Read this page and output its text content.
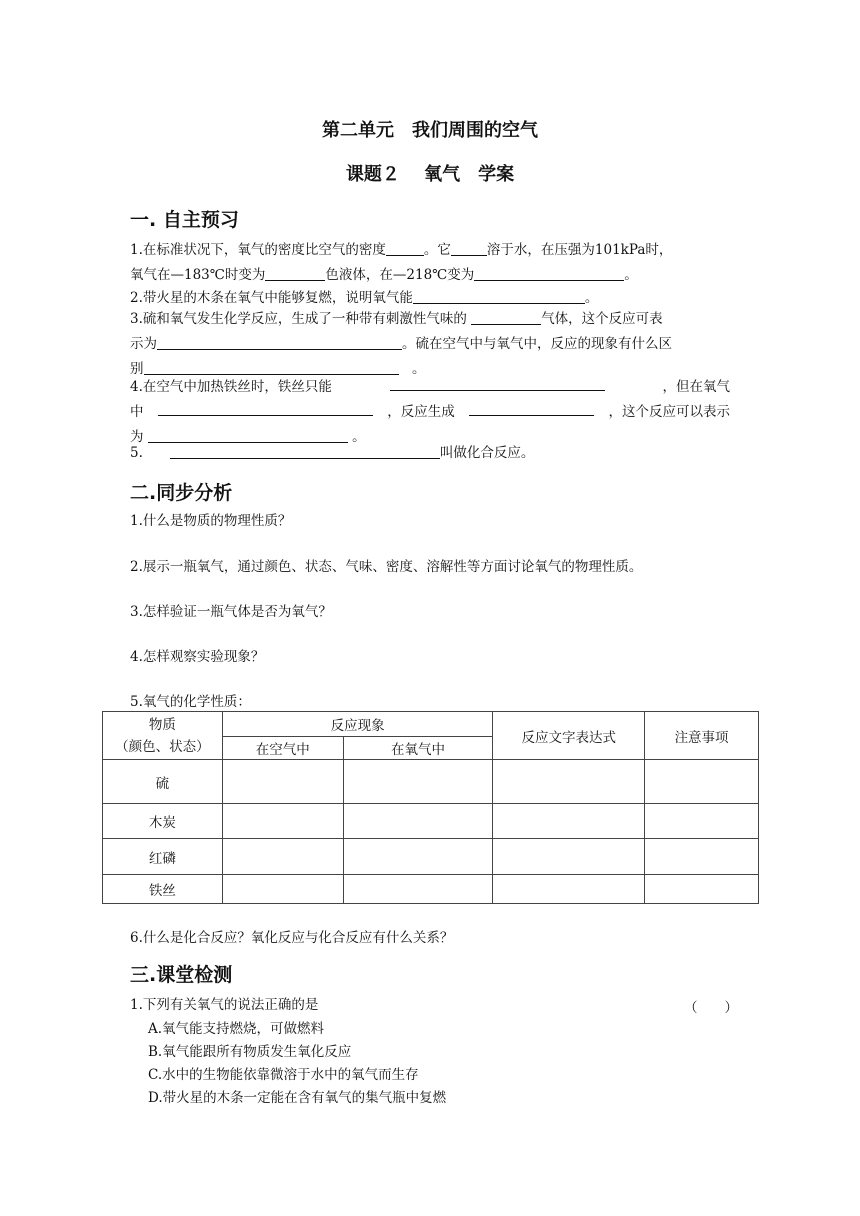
第二单元　我们周围的空气
课题２　 氧气　学案
一. 自主预习
1.在标准状况下，氧气的密度比空气的密度	。它	溶于水，在压强为101kPa时，
氧气在—183℃时变为	色液体，在—218℃变为	。
2.带火星的木条在氧气中能够复燃，说明氧气能	。
3.硫和氧气发生化学反应，生成了一种带有刺激性气味的	气体，这个反应可表
示为	。硫在空气中与氧气中，反应的现象有什么区
别　	。
4.在空气中加热铁丝时，铁丝只能	，但在氧气
中	，反应生成	，这个反应可以表示
为	。
5.　　	叫做化合反应。
二.同步分析
1.什么是物质的物理性质？
2.展示一瓶氧气，通过颜色、状态、气味、密度、溶解性等方面讨论氧气的物理性质。
3.怎样验证一瓶气体是否为氧气？
4.怎样观察实验现象？
5.氧气的化学性质：
物质
（颜色、状态）	反应现象		反应文字表达式	注意事项
	在空气中	在氧气中		
硫				
木炭				
红磷				
铁丝				
6.什么是化合反应？氧化反应与化合反应有什么关系？
三.课堂检测
1.下列有关氧气的说法正确的是	（　　）
A.氧气能支持燃烧，可做燃料
B.氧气能跟所有物质发生氧化反应
C.水中的生物能依靠微溶于水中的氧气而生存
D.带火星的木条一定能在含有氧气的集气瓶中复燃
